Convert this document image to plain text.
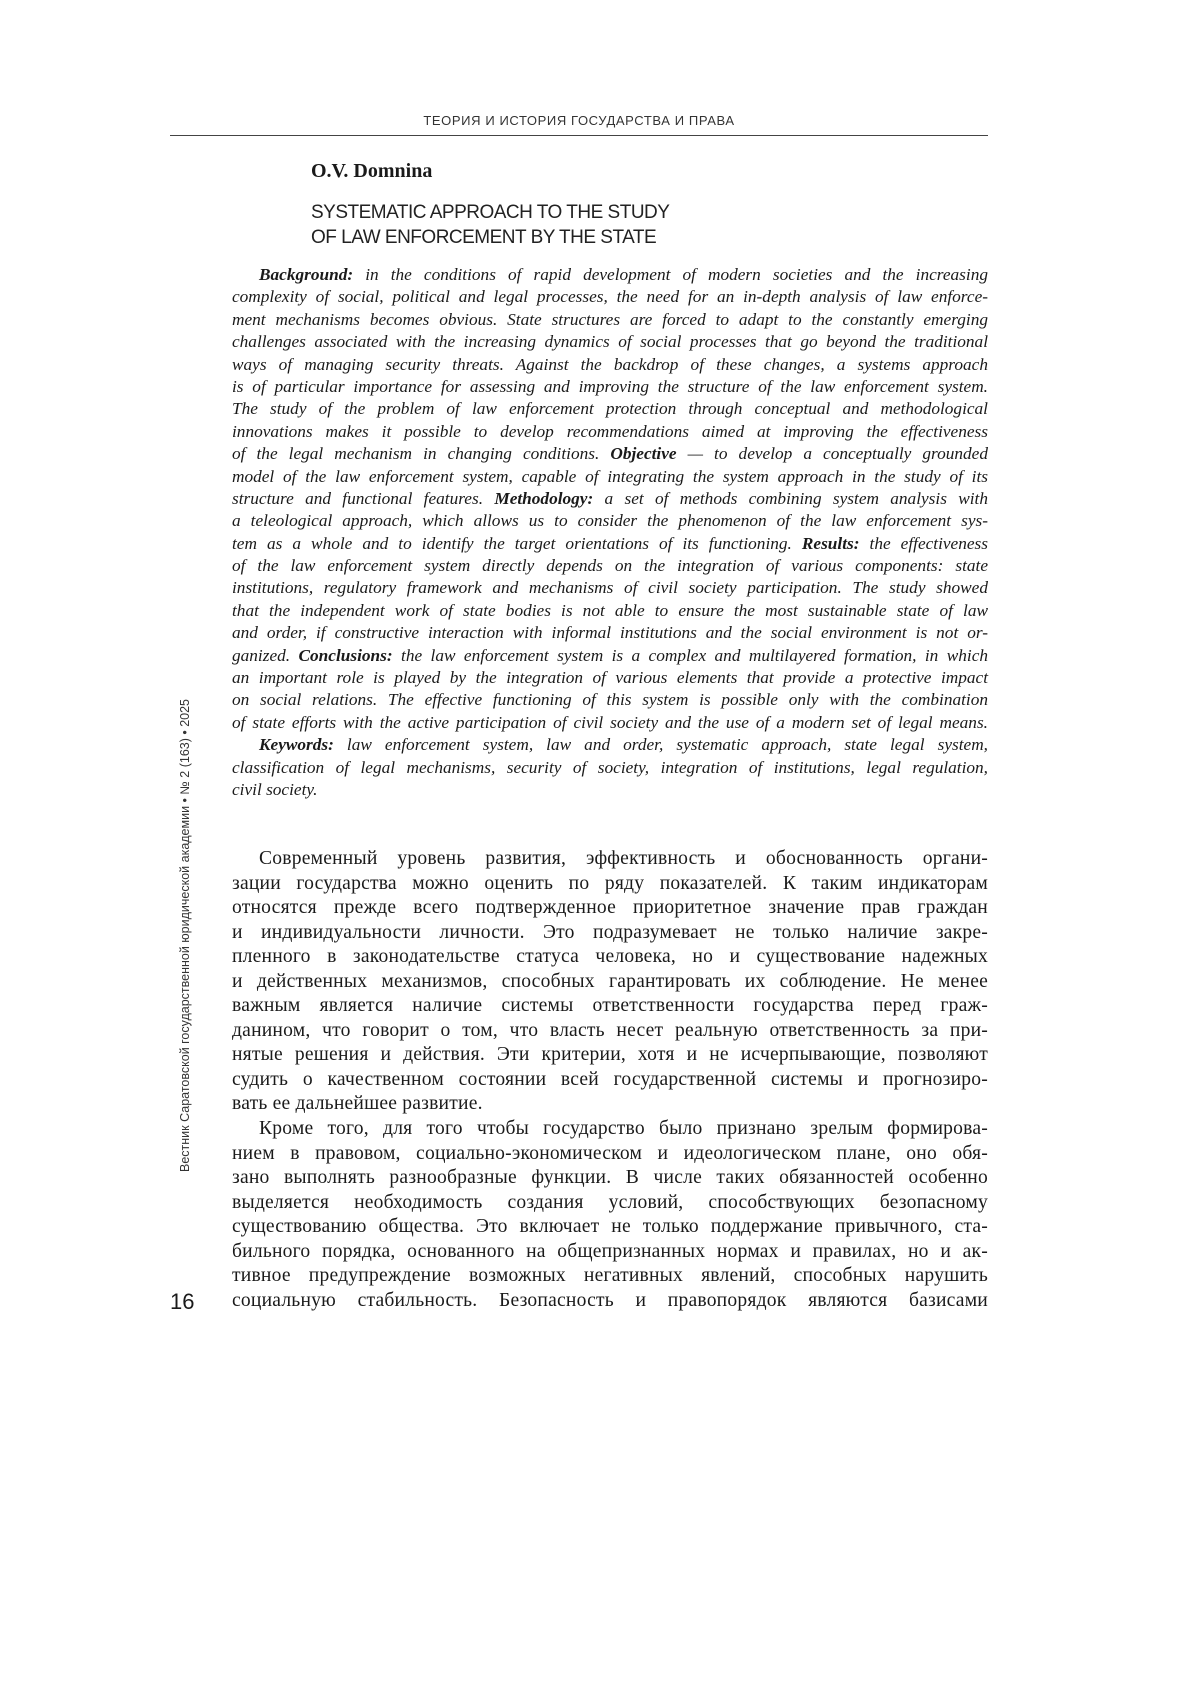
ТЕОРИЯ И ИСТОРИЯ ГОСУДАРСТВА И ПРАВА
O.V. Domnina
SYSTEMATIC APPROACH TO THE STUDY
OF LAW ENFORCEMENT BY THE STATE
Background: in the conditions of rapid development of modern societies and the increasing
complexity of social, political and legal processes, the need for an in-depth analysis of law enforce-
ment mechanisms becomes obvious. State structures are forced to adapt to the constantly emerging
challenges associated with the increasing dynamics of social processes that go beyond the traditional
ways of managing security threats. Against the backdrop of these changes, a systems approach
is of particular importance for assessing and improving the structure of the law enforcement system.
The study of the problem of law enforcement protection through conceptual and methodological
innovations makes it possible to develop recommendations aimed at improving the effectiveness
of the legal mechanism in changing conditions. Objective — to develop a conceptually grounded
model of the law enforcement system, capable of integrating the system approach in the study of its
structure and functional features. Methodology: a set of methods combining system analysis with
a teleological approach, which allows us to consider the phenomenon of the law enforcement sys-
tem as a whole and to identify the target orientations of its functioning. Results: the effectiveness
of the law enforcement system directly depends on the integration of various components: state
institutions, regulatory framework and mechanisms of civil society participation. The study showed
that the independent work of state bodies is not able to ensure the most sustainable state of law
and order, if constructive interaction with informal institutions and the social environment is not or-
ganized. Conclusions: the law enforcement system is a complex and multilayered formation, in which
an important role is played by the integration of various elements that provide a protective impact
on social relations. The effective functioning of this system is possible only with the combination
of state efforts with the active participation of civil society and the use of a modern set of legal means.
Keywords: law enforcement system, law and order, systematic approach, state legal system,
classification of legal mechanisms, security of society, integration of institutions, legal regulation,
civil society.
Современный уровень развития, эффективность и обоснованность органи-
зации государства можно оценить по ряду показателей. К таким индикаторам
относятся прежде всего подтвержденное приоритетное значение прав граждан
и индивидуальности личности. Это подразумевает не только наличие закре-
пленного в законодательстве статуса человека, но и существование надежных
и действенных механизмов, способных гарантировать их соблюдение. Не менее
важным является наличие системы ответственности государства перед граж-
данином, что говорит о том, что власть несет реальную ответственность за при-
нятые решения и действия. Эти критерии, хотя и не исчерпывающие, позволяют
судить о качественном состоянии всей государственной системы и прогнозиро-
вать ее дальнейшее развитие.
Кроме того, для того чтобы государство было признано зрелым формирова-
нием в правовом, социально-экономическом и идеологическом плане, оно обя-
зано выполнять разнообразные функции. В числе таких обязанностей особенно
выделяется необходимость создания условий, способствующих безопасному
существованию общества. Это включает не только поддержание привычного, ста-
бильного порядка, основанного на общепризнанных нормах и правилах, но и ак-
тивное предупреждение возможных негативных явлений, способных нарушить
социальную стабильность. Безопасность и правопорядок являются базисами
16
Вестник Саратовской государственной юридической академии • № 2 (163) • 2025
